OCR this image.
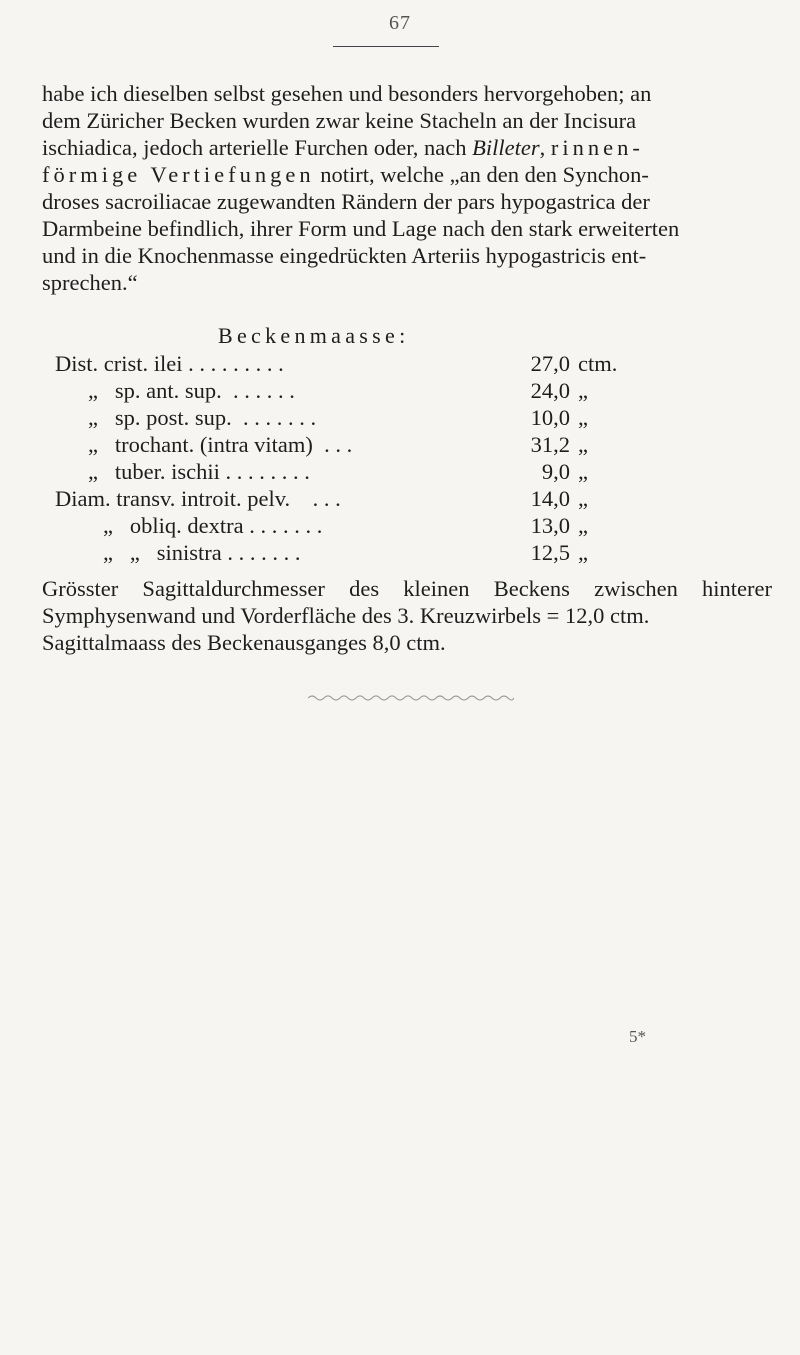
67
habe ich dieselben selbst gesehen und besonders hervorgehoben; an
dem Züricher Becken wurden zwar keine Stacheln an der Incisura
ischiadica, jedoch arterielle Furchen oder, nach Billeter, rinnen-
förmige Vertiefungen notirt, welche „an den den Synchon-
droses sacroiliacae zugewandten Rändern der pars hypogastrica der
Darmbeine befindlich, ihrer Form und Lage nach den stark erweiterten
und in die Knochenmasse eingedrückten Arteriis hypogastricis ent-
sprechen.“
Beckenmaasse:
Dist. crist. ilei . . . . . . . . .	27,0 ctm.
„   sp. ant. sup.  . . . . . .	24,0 „
„   sp. post. sup.  . . . . . . .	10,0 „
„   trochant. (intra vitam)  . . .	31,2 „
„   tuber. ischii . . . . . . . .	9,0 „
Diam. transv. introit. pelv.    . . .	14,0 „
„   obliq. dextra . . . . . . .	13,0 „
„   „   sinistra . . . . . . .	12,5 „
Grösster Sagittaldurchmesser des kleinen Beckens zwischen hinterer
Symphysenwand und Vorderfläche des 3. Kreuzwirbels = 12,0 ctm.
Sagittalmaass des Beckenausganges 8,0 ctm.
5*
